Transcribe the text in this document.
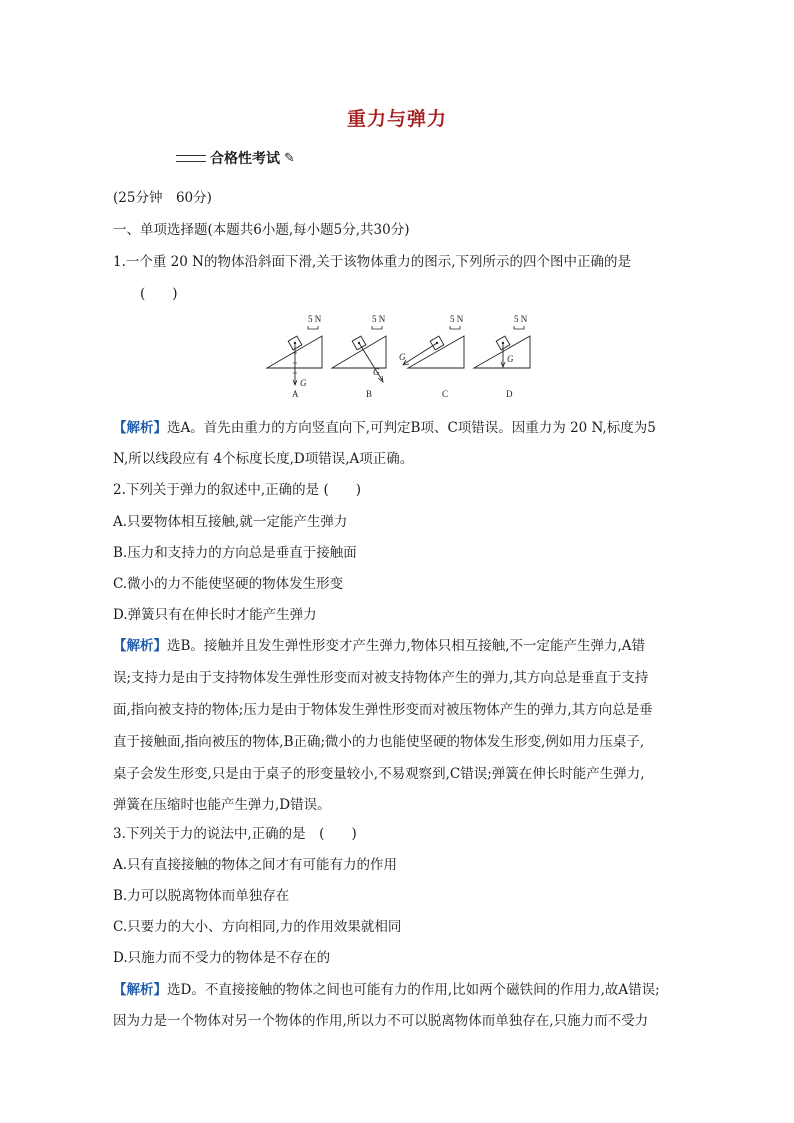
重力与弹力
合格性考试 ✎
(25分钟　60分)
一、单项选择题(本题共6小题,每小题5分,共30分)
1.一个重 20 N的物体沿斜面下滑,关于该物体重力的图示,下列所示的四个图中正确的是
(　　)
5 N
G
A
5 N
G
B
5 N
G
C
5 N
G
D
【解析】选A。首先由重力的方向竖直向下,可判定B项、C项错误。因重力为 20 N,标度为5
N,所以线段应有 4个标度长度,D项错误,A项正确。
2.下列关于弹力的叙述中,正确的是 (　　)
A.只要物体相互接触,就一定能产生弹力
B.压力和支持力的方向总是垂直于接触面
C.微小的力不能使坚硬的物体发生形变
D.弹簧只有在伸长时才能产生弹力
【解析】选B。接触并且发生弹性形变才产生弹力,物体只相互接触,不一定能产生弹力,A错
误;支持力是由于支持物体发生弹性形变而对被支持物体产生的弹力,其方向总是垂直于支持
面,指向被支持的物体;压力是由于物体发生弹性形变而对被压物体产生的弹力,其方向总是垂
直于接触面,指向被压的物体,B正确;微小的力也能使坚硬的物体发生形变,例如用力压桌子,
桌子会发生形变,只是由于桌子的形变量较小,不易观察到,C错误;弹簧在伸长时能产生弹力,
弹簧在压缩时也能产生弹力,D错误。
3.下列关于力的说法中,正确的是　(　　)
A.只有直接接触的物体之间才有可能有力的作用
B.力可以脱离物体而单独存在
C.只要力的大小、方向相同,力的作用效果就相同
D.只施力而不受力的物体是不存在的
【解析】选D。不直接接触的物体之间也可能有力的作用,比如两个磁铁间的作用力,故A错误;
因为力是一个物体对另一个物体的作用,所以力不可以脱离物体而单独存在,只施力而不受力
